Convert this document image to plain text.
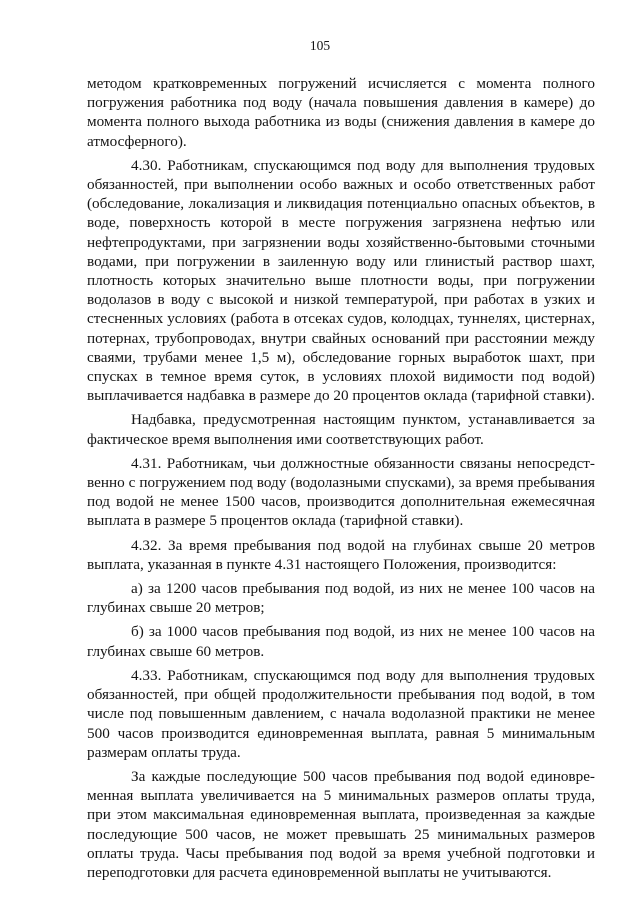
105

методом кратковременных погружений исчисляется с момента полного погружения работника под воду (начала повышения давления в камере) до момента полного выхода работника из воды (снижения давления в камере до атмосферного).

4.30. Работникам, спускающимся под воду для выполнения трудовых обязанностей, при выполнении особо важных и особо ответственных работ (обследование, локализация и ликвидация потенциально опасных объектов, в воде, поверхность которой в месте погружения загрязнена нефтью или нефтепродуктами, при загрязнении воды хозяйственно-бытовыми сточными водами, при погружении в заиленную воду или глинистый раствор шахт, плотность которых значительно выше плотности воды, при погружении водолазов в воду с высокой и низкой температурой, при работах в узких и стесненных условиях (работа в отсеках судов, колодцах, туннелях, цистернах, потернах, трубопроводах, внутри свайных оснований при расстоянии между сваями, трубами менее 1,5 м), обследование горных выработок шахт, при спусках в темное время суток, в условиях плохой видимости под водой) выплачивается надбавка в размере до 20 процентов оклада (тарифной ставки).

Надбавка, предусмотренная настоящим пунктом, устанавливается за фактическое время выполнения ими соответствующих работ.

4.31. Работникам, чьи должностные обязанности связаны непосредст-венно с погружением под воду (водолазными спусками), за время пребывания под водой не менее 1500 часов, производится дополнительная ежемесячная выплата в размере 5 процентов оклада (тарифной ставки).

4.32. За время пребывания под водой на глубинах свыше 20 метров выплата, указанная в пункте 4.31 настоящего Положения, производится:

а) за 1200 часов пребывания под водой, из них не менее 100 часов на глубинах свыше 20 метров;

б) за 1000 часов пребывания под водой, из них не менее 100 часов на глубинах свыше 60 метров.

4.33. Работникам, спускающимся под воду для выполнения трудовых обязанностей, при общей продолжительности пребывания под водой, в том числе под повышенным давлением, с начала водолазной практики не менее 500 часов производится единовременная выплата, равная 5 минимальным размерам оплаты труда.

За каждые последующие 500 часов пребывания под водой единовре-менная выплата увеличивается на 5 минимальных размеров оплаты труда, при этом максимальная единовременная выплата, произведенная за каждые последующие 500 часов, не может превышать 25 минимальных размеров оплаты труда. Часы пребывания под водой за время учебной подготовки и переподготовки для расчета единовременной выплаты не учитываются.
